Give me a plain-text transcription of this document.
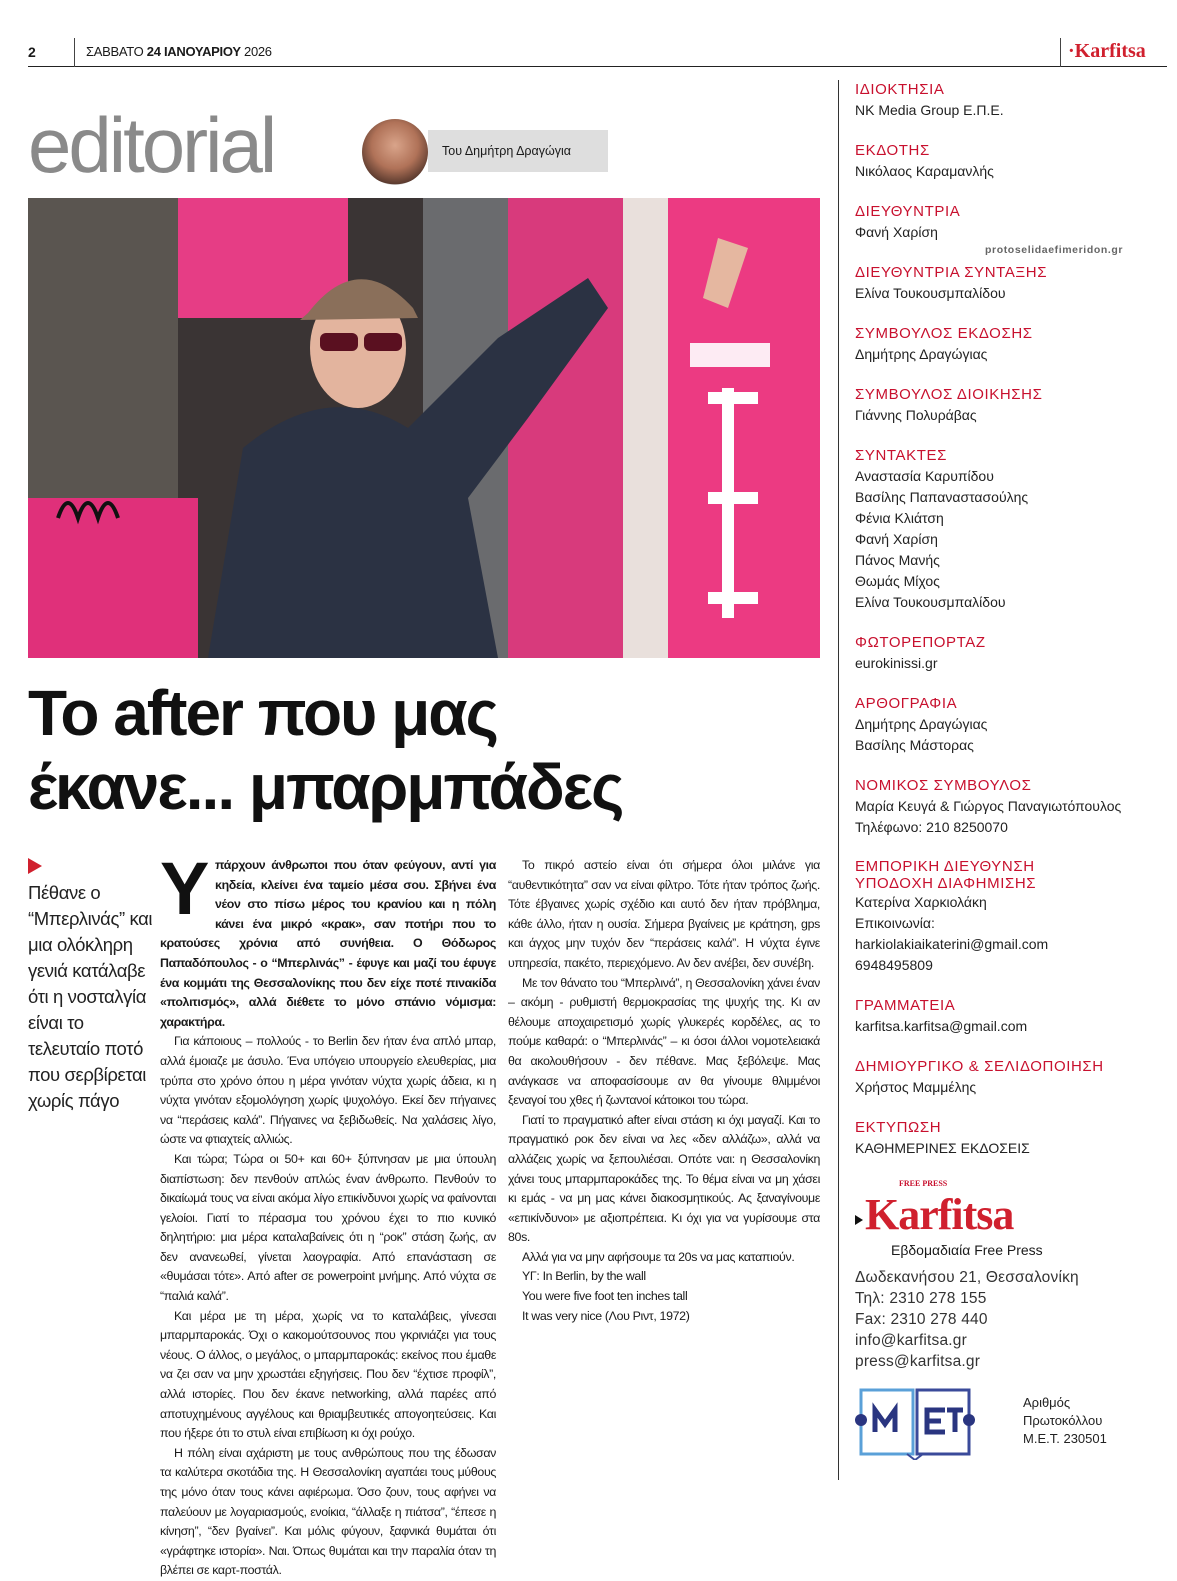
2	ΣΑΒΒΑΤΟ 24 ΙΑΝΟΥΑΡΙΟΥ 2026	·Karfitsa
editorial	Του Δημήτρη Δραγώγια
Το after που μας
έκανε... μπαρμπάδες
Πέθανε ο “Μπερλινάς” και μια ολόκληρη γενιά κατάλαβε ότι η νοσταλγία είναι το τελευταίο ποτό που σερβίρεται χωρίς πάγο

Υπάρχουν άνθρωποι που όταν φεύγουν, αντί για κηδεία, κλείνει ένα ταμείο μέσα σου. Σβήνει ένα νέον στο πίσω μέρος του κρανίου και η πόλη κάνει ένα μικρό «κρακ», σαν ποτήρι που το κρατούσες χρόνια από συνήθεια. Ο Θόδωρος Παπαδόπουλος - ο “Μπερλινάς” - έφυγε και μαζί του έφυγε ένα κομμάτι της Θεσσαλονίκης που δεν είχε ποτέ πινακίδα «πολιτισμός», αλλά διέθετε το μόνο σπάνιο νόμισμα: χαρακτήρα.

Για κάποιους – πολλούς - το Berlin δεν ήταν ένα απλό μπαρ, αλλά έμοιαζε με άσυλο. Ένα υπόγειο υπουργείο ελευθερίας, μια τρύπα στο χρόνο όπου η μέρα γινόταν νύχτα χωρίς άδεια, κι η νύχτα γινόταν εξομολόγηση χωρίς ψυχολόγο. Εκεί δεν πήγαινες να “περάσεις καλά”. Πήγαινες να ξεβιδωθείς. Να χαλάσεις λίγο, ώστε να φτιαχτείς αλλιώς.

Και τώρα; Τώρα οι 50+ και 60+ ξύπνησαν με μια ύπουλη διαπίστωση: δεν πενθούν απλώς έναν άνθρωπο. Πενθούν το δικαίωμά τους να είναι ακόμα λίγο επικίνδυνοι χωρίς να φαίνονται γελοίοι. Γιατί το πέρασμα του χρόνου έχει το πιο κυνικό δηλητήριο: μια μέρα καταλαβαίνεις ότι η “ροκ” στάση ζωής, αν δεν ανανεωθεί, γίνεται λαογραφία. Από επανάσταση σε «θυμάσαι τότε». Από after σε powerpoint μνήμης. Από νύχτα σε “παλιά καλά”.

Και μέρα με τη μέρα, χωρίς να το καταλάβεις, γίνεσαι μπαρμπαροκάς. Όχι ο κακομούτσουνος που γκρινιάζει για τους νέους. Ο άλλος, ο μεγάλος, ο μπαρμπαροκάς: εκείνος που έμαθε να ζει σαν να μην χρωστάει εξηγήσεις. Που δεν “έχτισε προφίλ”, αλλά ιστορίες. Που δεν έκανε networking, αλλά παρέες από αποτυχημένους αγγέλους και θριαμβευτικές απογοητεύσεις. Και που ήξερε ότι το στυλ είναι επιβίωση κι όχι ρούχο.

Η πόλη είναι αχάριστη με τους ανθρώπους που της έδωσαν τα καλύτερα σκοτάδια της. Η Θεσσαλονίκη αγαπάει τους μύθους της μόνο όταν τους κάνει αφιέρωμα. Όσο ζουν, τους αφήνει να παλεύουν με λογαριασμούς, ενοίκια, “άλλαξε η πιάτσα”, “έπεσε η κίνηση”, “δεν βγαίνει”. Και μόλις φύγουν, ξαφνικά θυμάται ότι «γράφτηκε ιστορία». Ναι. Όπως θυμάται και την παραλία όταν τη βλέπει σε καρτ-ποστάλ.

Το πικρό αστείο είναι ότι σήμερα όλοι μιλάνε για “αυθεντικότητα” σαν να είναι φίλτρο. Τότε ήταν τρόπος ζωής. Τότε έβγαινες χωρίς σχέδιο και αυτό δεν ήταν πρόβλημα, κάθε άλλο, ήταν η ουσία. Σήμερα βγαίνεις με κράτηση, gps και άγχος μην τυχόν δεν “περάσεις καλά”. Η νύχτα έγινε υπηρεσία, πακέτο, περιεχόμενο. Αν δεν ανέβει, δεν συνέβη.

Με τον θάνατο του “Μπερλινά”, η Θεσσαλονίκη χάνει έναν – ακόμη - ρυθμιστή θερμοκρασίας της ψυχής της. Κι αν θέλουμε αποχαιρετισμό χωρίς γλυκερές κορδέλες, ας το πούμε καθαρά: ο “Μπερλινάς” – κι όσοι άλλοι νομοτελειακά θα ακολουθήσουν - δεν πέθανε. Μας ξεβόλεψε. Μας ανάγκασε να αποφασίσουμε αν θα γίνουμε θλιμμένοι ξεναγοί του χθες ή ζωντανοί κάτοικοι του τώρα.

Γιατί το πραγματικό after είναι στάση κι όχι μαγαζί. Και το πραγματικό ροκ δεν είναι να λες «δεν αλλάζω», αλλά να αλλάζεις χωρίς να ξεπουλιέσαι. Οπότε ναι: η Θεσσαλονίκη χάνει τους μπαρμπαροκάδες της. Το θέμα είναι να μη χάσει κι εμάς - να μη μας κάνει διακοσμητικούς. Ας ξαναγίνουμε «επικίνδυνοι» με αξιοπρέπεια. Κι όχι για να γυρίσουμε στα 80s.

Αλλά για να μην αφήσουμε τα 20s να μας καταπιούν.

ΥΓ: In Berlin, by the wall

You were five foot ten inches tall

It was very nice (Λου Ριντ, 1972)

protoselidaefimeridon.gr
ΙΔΙΟΚΤΗΣΙΑ
NK Media Group Ε.Π.Ε.
ΕΚΔΟΤΗΣ
Νικόλαος Καραμανλής
ΔΙΕΥΘΥΝΤΡΙΑ
Φανή Χαρίση
ΔΙΕΥΘΥΝΤΡΙΑ ΣΥΝΤΑΞΗΣ
Ελίνα Τουκουσμπαλίδου
ΣΥΜΒΟΥΛΟΣ ΕΚΔΟΣΗΣ
Δημήτρης Δραγώγιας
ΣΥΜΒΟΥΛΟΣ ΔΙΟΙΚΗΣΗΣ
Γιάννης Πολυράβας
ΣΥΝΤΑΚΤΕΣ
Αναστασία Καρυπίδου
Βασίλης Παπαναστασούλης
Φένια Κλιάτση
Φανή Χαρίση
Πάνος Μανής
Θωμάς Μίχος
Ελίνα Τουκουσμπαλίδου
ΦΩΤΟΡΕΠΟΡΤΑΖ
eurokinissi.gr
ΑΡΘΟΓΡΑΦΙΑ
Δημήτρης Δραγώγιας
Βασίλης Μάστορας
ΝΟΜΙΚΟΣ ΣΥΜΒΟΥΛΟΣ
Μαρία Κευγά & Γιώργος Παναγιωτόπουλος
Τηλέφωνο: 210 8250070
ΕΜΠΟΡΙΚΗ ΔΙΕΥΘΥΝΣΗ ΥΠΟΔΟΧΗ ΔΙΑΦΗΜΙΣΗΣ
Κατερίνα Χαρκιολάκη
Επικοινωνία:
harkiolakiaikaterini@gmail.com
6948495809
ΓΡΑΜΜΑΤΕΙΑ
karfitsa.karfitsa@gmail.com
ΔΗΜΙΟΥΡΓΙΚΟ & ΣΕΛΙΔΟΠΟΙΗΣΗ
Χρήστος Μαμμέλης
ΕΚΤΥΠΩΣΗ
ΚΑΘΗΜΕΡΙΝΕΣ ΕΚΔΟΣΕΙΣ
FREE PRESS
Karfitsa
Εβδομαδιαία Free Press
Δωδεκανήσου 21, Θεσσαλονίκη
Τηλ: 2310 278 155
Fax: 2310 278 440
info@karfitsa.gr
press@karfitsa.gr
Αριθμός
Πρωτοκόλλου
Μ.Ε.Τ. 230501
